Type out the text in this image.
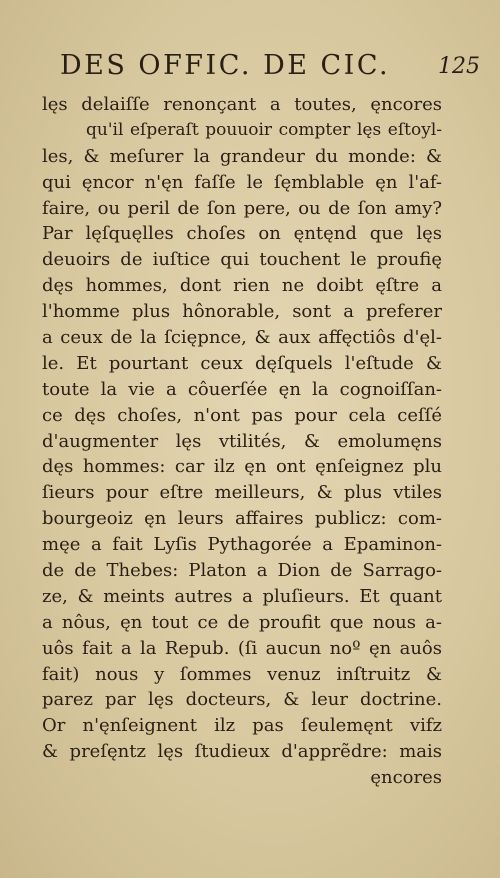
DES OFFIC. DE CIC. 125
lęs delaiſſe renonçant a toutes, ęncores
qu'il eſperaſt pouuoir compter lęs eſtoyl-
les, & meſurer la grandeur du monde: &
qui ęncor n'ęn faſſe le ſęmblable ęn l'af-
faire, ou peril de ſon pere, ou de ſon amy?
Par lęſquęlles choſes on ęntęnd que lęs
deuoirs de iuſtice qui touchent le proufię
dęs hommes, dont rien ne doibt ęſtre a
l'homme plus hônorable, sont a preferer
a ceux de la ſciępnce, & aux affęctiôs d'ęl-
le. Et pourtant ceux dęſquels l'eſtude &
toute la vie a côuerſée ęn la cognoiſſan-
ce dęs choſes, n'ont pas pour cela ceſſé
d'augmenter lęs vtilités, & emolumęns
dęs hommes: car ilz ęn ont ęnſeignez plu
ſieurs pour eſtre meilleurs, & plus vtiles
bourgeoiz ęn leurs affaires publicz: com-
męe a fait Lyſis Pythagorée a Epaminon-
de de Thebes: Platon a Dion de Sarrago-
ze, & meints autres a pluſieurs. Et quant
a nôus, ęn tout ce de proufit que nous a-
uôs fait a la Repub. (ſi aucun noº ęn auôs
fait) nous y ſommes venuz inſtruitz &
parez par lęs docteurs, & leur doctrine.
Or n'ęnſeignent ilz pas ſeulemęnt vifz
& preſęntz lęs ſtudieux d'apprẽdre: mais
ęncores
